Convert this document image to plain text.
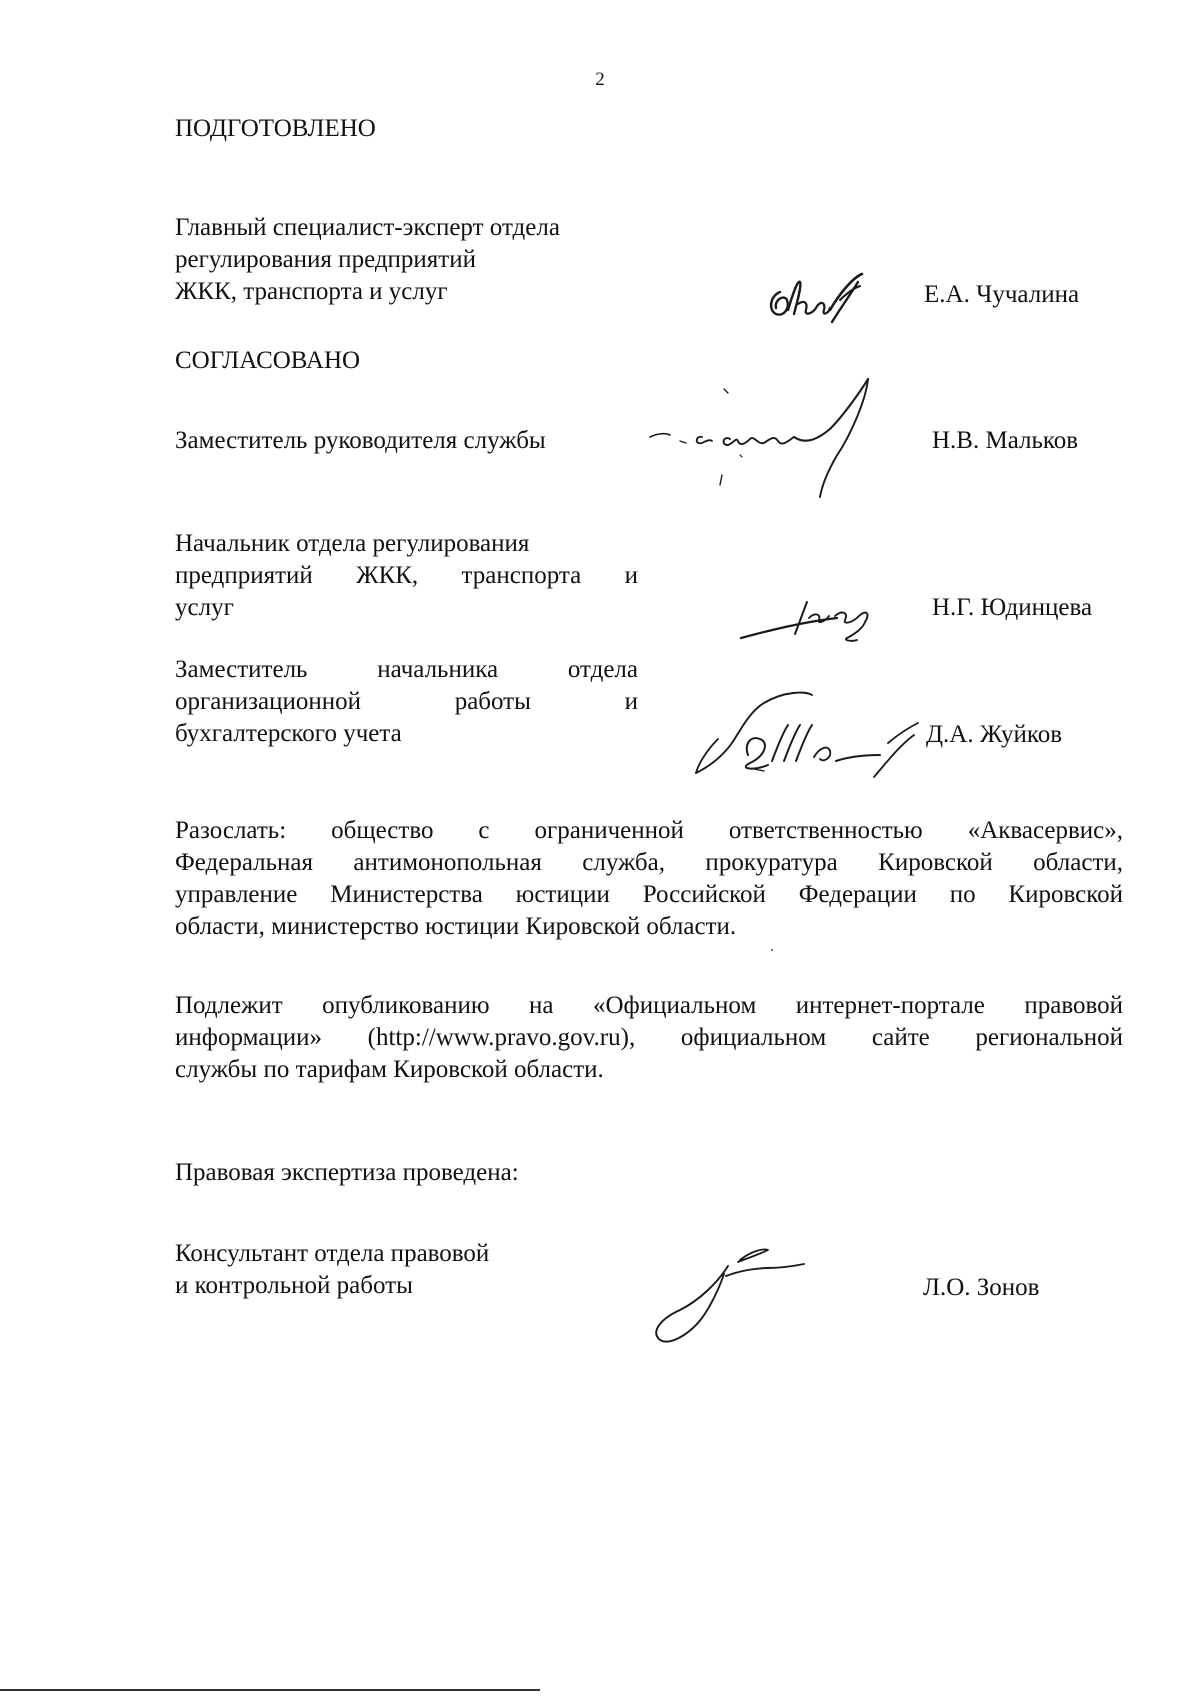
2
ПОДГОТОВЛЕНО
Главный специалист-эксперт отдела
регулирования предприятий
ЖКК, транспорта и услуг	Е.А. Чучалина
СОГЛАСОВАНО
Заместитель руководителя службы	Н.В. Мальков
Начальник отдела регулирования
предприятий ЖКК, транспорта и
услуг	Н.Г. Юдинцева
Заместитель начальника отдела
организационной работы и
бухгалтерского учета	Д.А. Жуйков
Разослать: общество с ограниченной ответственностью «Аквасервис»,
Федеральная антимонопольная служба, прокуратура Кировской области,
управление Министерства юстиции Российской Федерации по Кировской
области, министерство юстиции Кировской области.
Подлежит опубликованию на «Официальном интернет-портале правовой
информации» (http://www.pravo.gov.ru), официальном сайте региональной
службы по тарифам Кировской области.
Правовая экспертиза проведена:
Консультант отдела правовой
и контрольной работы	Л.О. Зонов
